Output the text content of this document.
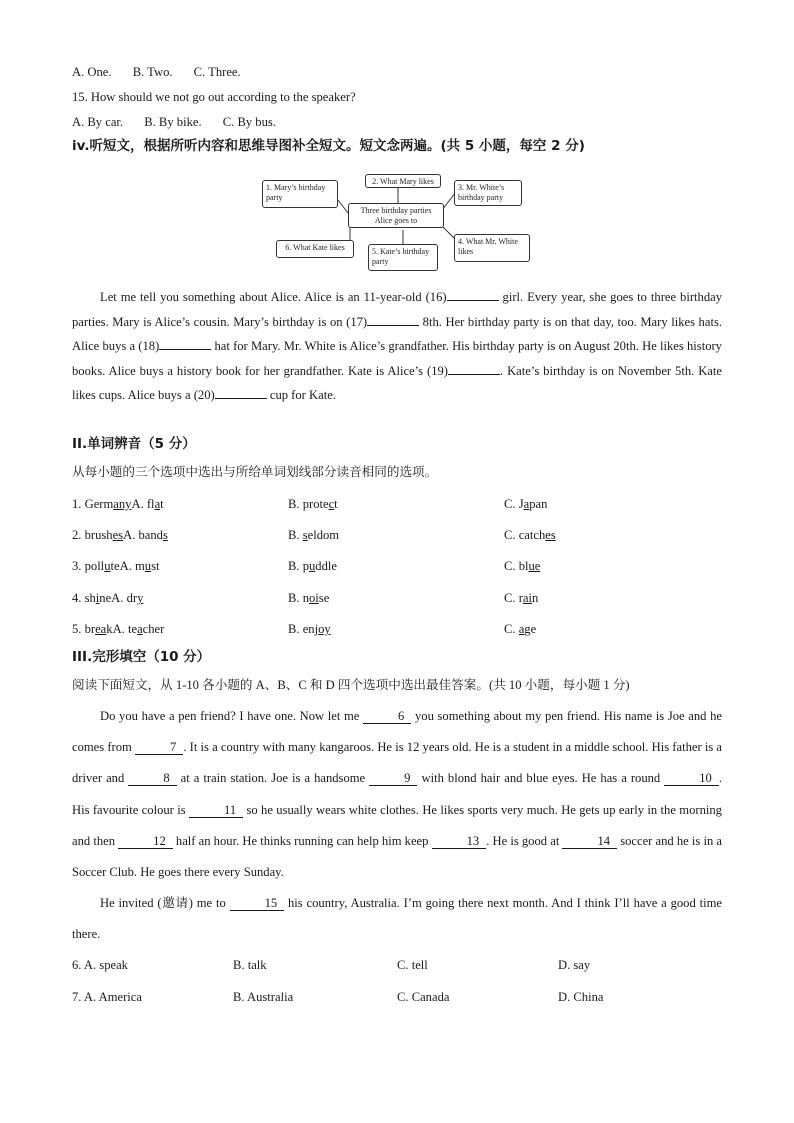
A. One. B. Two. C. Three.
15. How should we not go out according to the speaker?
A. By car. B. By bike. C. By bus.
iv.听短文，根据所听内容和思维导图补全短文。短文念两遍。(共 5 小题，每空 2 分)
1. Mary’s birthday party
2. What Mary likes
3. Mr. White’s birthday party
Three birthday parties Alice goes to
4. What Mr. White likes
5. Kate’s birthday party
6. What Kate likes

Let me tell you something about Alice. Alice is an 11-year-old (16)	girl. Every year, she goes to three birthday parties. Mary is Alice’s cousin. Mary’s birthday is on (17)	8th. Her birthday party is on that day, too. Mary likes hats. Alice buys a (18)	hat for Mary. Mr. White is Alice’s grandfather. His birthday party is on August 20th. He likes history books. Alice buys a history book for her grandfather. Kate is Alice’s (19)	. Kate’s birthday is on November 5th. Kate likes cups. Alice buys a (20)	cup for Kate.

II.单词辨音（5 分）
从每小题的三个选项中选出与所给单词划线部分读音相同的选项。
1. GermanyA. flat	B. protect	C. Japan
2. brushesA. bands	B. seldom	C. catches
3. polluteA. must	B. puddle	C. blue
4. shineA. dry	B. noise	C. rain
5. breakA. teacher	B. enjoy	C. age
III.完形填空（10 分）
阅读下面短文，从 1-10 各小题的 A、B、C 和 D 四个选项中选出最佳答案。(共 10 小题，每小题 1 分)

Do you have a pen friend? I have one. Now let me	6 you something about my pen friend. His name is Joe and he comes from	7 . It is a country with many kangaroos. He is 12 years old. He is a student in a middle school. His father is a driver and	8 at a train station. Joe is a handsome	9 with blond hair and blue eyes. He has a round	10 . His favourite colour is	11 so he usually wears white clothes. He likes sports very much. He gets up early in the morning and then	12 half an hour. He thinks running can help him keep	13 . He is good at	14 soccer and he is in a Soccer Club. He goes there every Sunday.

He invited (邀请) me to	15 his country, Australia. I’m going there next month. And I think I’ll have a good time there.

6. A. speak	B. talk	C. tell	D. say
7. A. America	B. Australia	C. Canada	D. China
